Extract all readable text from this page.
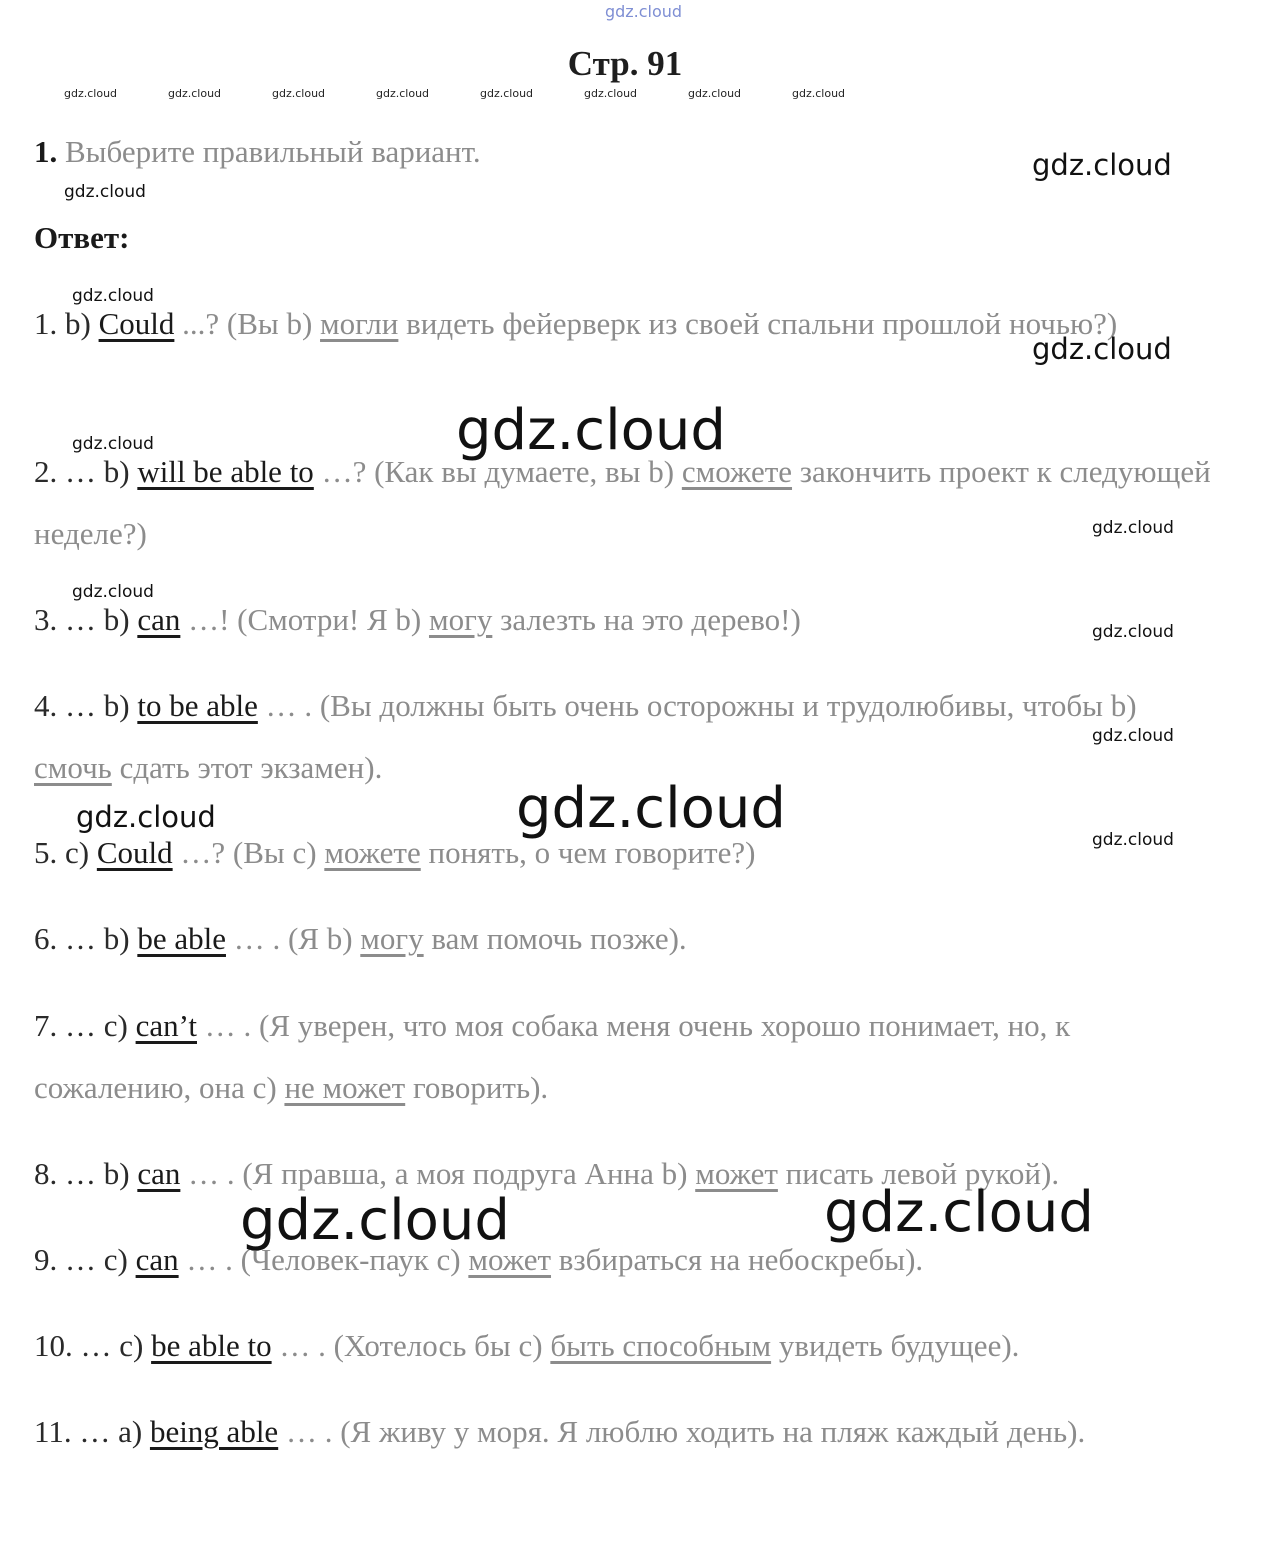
gdz.cloud
Стр. 91
gdz.cloud	gdz.cloud	gdz.cloud	gdz.cloud	gdz.cloud	gdz.cloud	gdz.cloud	gdz.cloud
1. Выберите правильный вариант.
Ответ:
1. b) Could ...? (Вы b) могли видеть фейерверк из своей спальни прошлой ночью?)
2. … b) will be able to …? (Как вы думаете, вы b) сможете закончить проект к следующей неделе?)
3. … b) can …! (Смотри! Я b) могу залезть на это дерево!)
4. … b) to be able … . (Вы должны быть очень осторожны и трудолюбивы, чтобы b) смочь сдать этот экзамен).
5. c) Could …? (Вы c) можете понять, о чем говорите?)
6. … b) be able … . (Я b) могу вам помочь позже).
7. … c) can’t … . (Я уверен, что моя собака меня очень хорошо понимает, но, к сожалению, она c) не может говорить).
8. … b) can … . (Я правша, а моя подруга Анна b) может писать левой рукой).
9. … c) can … . (Человек-паук c) может взбираться на небоскребы).
10. … c) be able to … . (Хотелось бы c) быть способным увидеть будущее).
11. … a) being able … . (Я живу у моря. Я люблю ходить на пляж каждый день).
gdz.cloud
gdz.cloud
gdz.cloud
gdz.cloud
gdz.cloud
gdz.cloud
gdz.cloud
gdz.cloud
gdz.cloud
gdz.cloud
gdz.cloud
gdz.cloud
gdz.cloud
gdz.cloud
gdz.cloud
